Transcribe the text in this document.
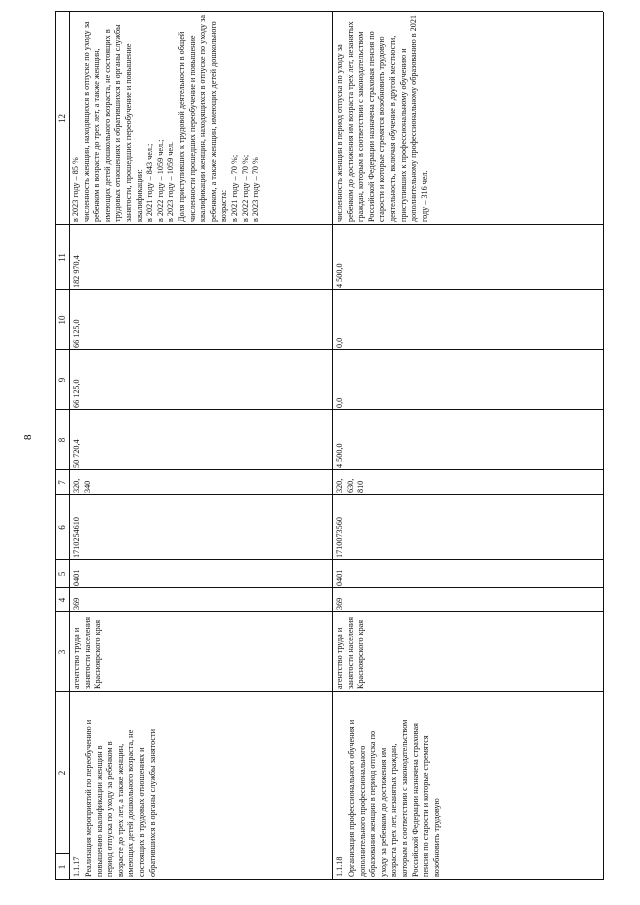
8
1
2
3
4
5
6
7
8
9
10
11
12
1.1.17 Реализация мероприятий по переобучению и повышению квалификации женщин в период отпуска по уходу за ребенком в возрасте до трех лет, а также женщин, имеющих детей дошкольного возраста, не состоящих в трудовых отношениях и обратившихся в органы службы занятости
агентство труда и занятости населения Красноярского края
369
0401
1710254610
320, 340
50 720,4
66 125,0
66 125,0
182 970,4
в 2023 году – 85 %
численность женщин, находящихся в отпуске по уходу за ребенком в возрасте до трех лет, а также женщин, имеющих детей дошкольного возраста, не состоящих в трудовых отношениях и обратившихся в органы службы занятости, прошедших переобучение и повышение квалификации:
в 2021 году – 843 чел.;
в 2022 году – 1059 чел.;
в 2023 году – 1059 чел.
Доля приступивших к трудовой деятельности в общей численности прошедших переобучение и повышение квалификации женщин, находящихся в отпуске по уходу за ребенком, а также женщин, имеющих детей дошкольного возраста:
в 2021 году – 70 %;
в 2022 году – 70 %;
в 2023 году – 70 %
1.1.18 Организация профессионального обучения и дополнительного профессионального образования женщин в период отпуска по уходу за ребенком до достижения им возраста трех лет, незанятых граждан, которым в соответствии с законодательством Российской Федерации назначена страховая пенсия по старости и которые стремятся возобновить трудовую
агентство труда и занятости населения Красноярского края
369
0401
1710073560
320, 630, 810
4 500,0
0,0
0,0
4 500,0
численность женщин в период отпуска по уходу за ребенком до достижения им возраста трех лет, незанятых граждан, которым в соответствии с законодательством Российской Федерации назначена страховая пенсия по старости и которые стремятся возобновить трудовую деятельность, включая обучение в другой местности, приступивших к профессиональному обучению и дополнительному профессиональному образованию в 2021 году – 316 чел.
